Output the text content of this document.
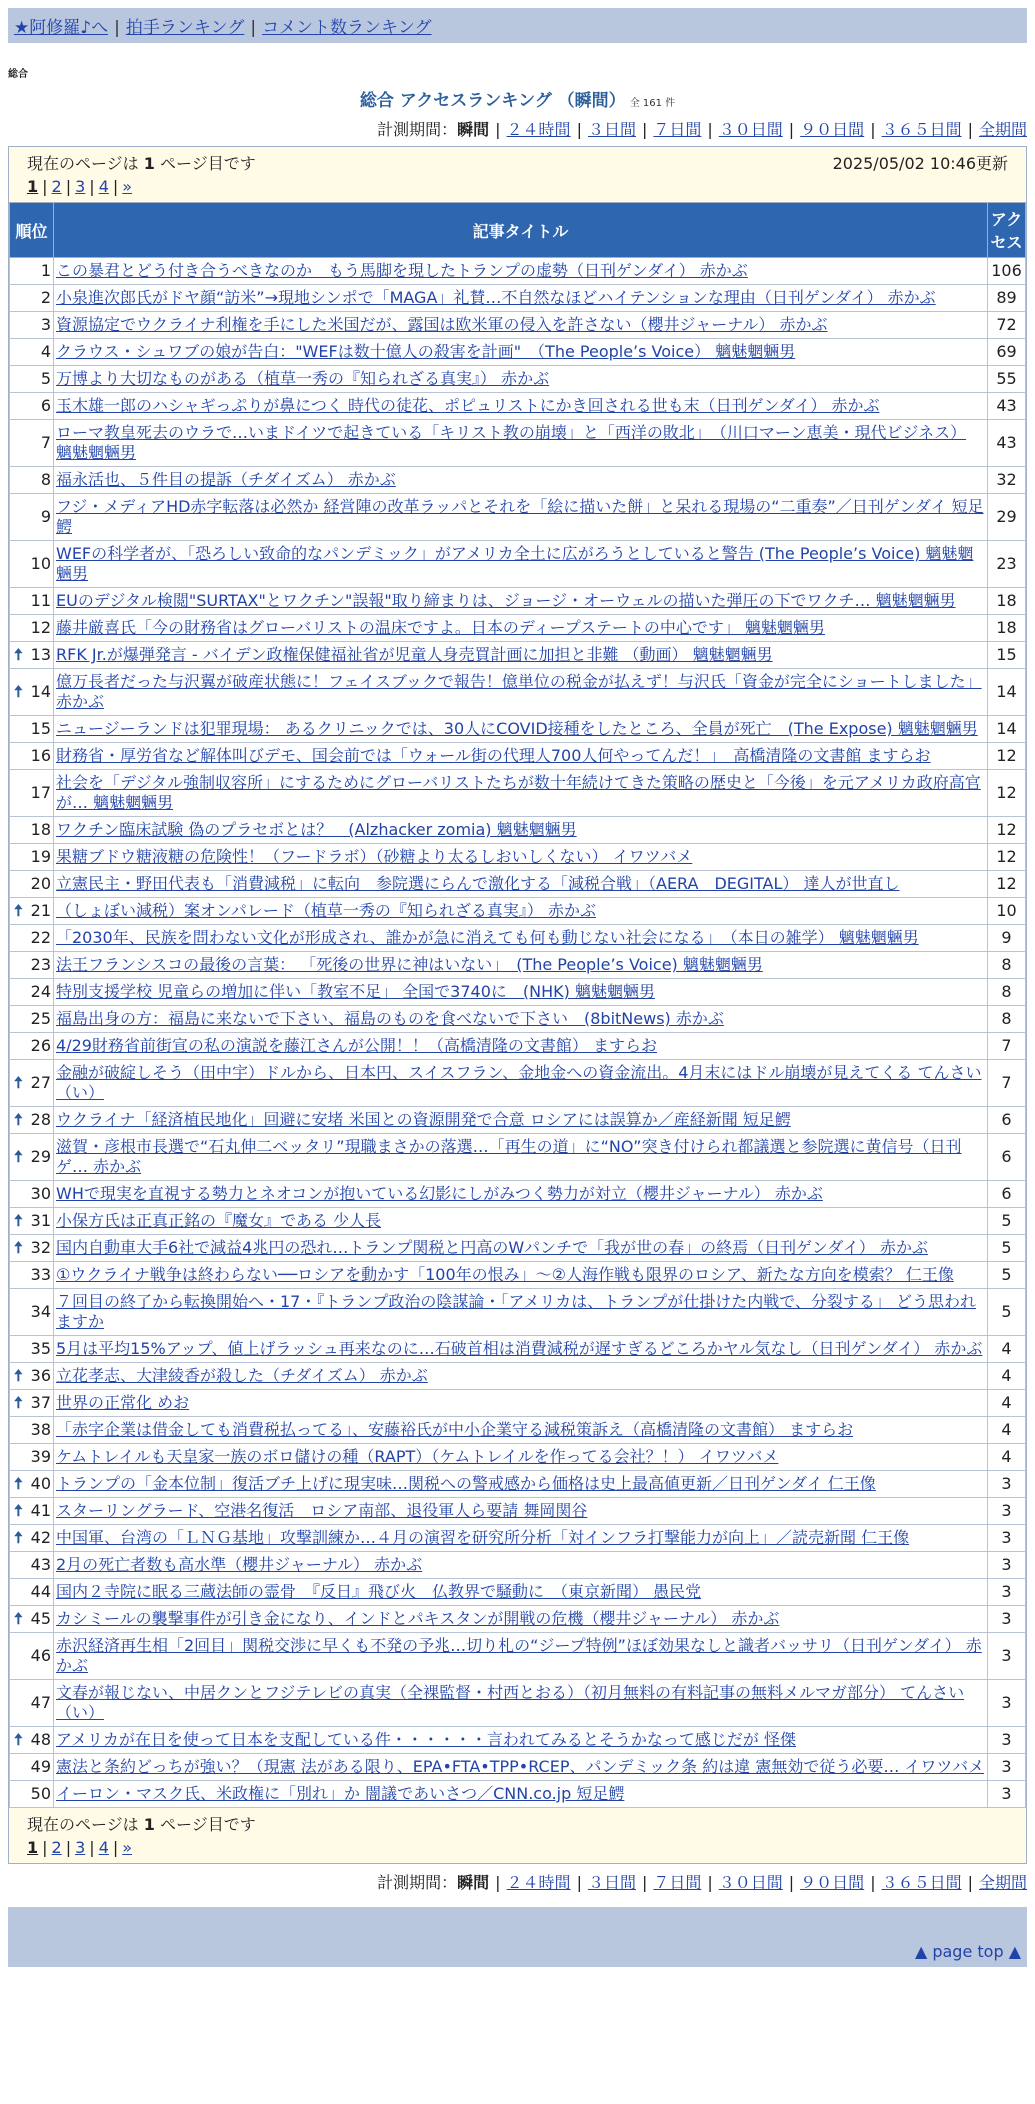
★阿修羅♪へ | 拍手ランキング | コメント数ランキング
総合
総合 アクセスランキング （瞬間） 全 161 件
計測期間：瞬間 | ２４時間 | ３日間 | ７日間 | ３０日間 | ９０日間 | ３６５日間 | 全期間
現在のページは 1 ページ目です	2025/05/02 10:46更新
1 | 2 | 3 | 4 | »
順位	記事タイトル	アクセス
1	この暴君とどう付き合うべきなのか　もう馬脚を現したトランプの虚勢（日刊ゲンダイ） 赤かぶ	106
2	小泉進次郎氏がドヤ顔“訪米”→現地シンポで「MAGA」礼賛…不自然なほどハイテンションな理由（日刊ゲンダイ） 赤かぶ	89
3	資源協定でウクライナ利権を手にした米国だが、露国は欧米軍の侵入を許さない（櫻井ジャーナル） 赤かぶ	72
4	クラウス・シュワブの娘が告白："WEFは数十億人の殺害を計画"　（The People’s Voice） 魑魅魍魎男	69
5	万博より大切なものがある（植草一秀の『知られざる真実』） 赤かぶ	55
6	玉木雄一郎のハシャギっぷりが鼻につく 時代の徒花、ポピュリストにかき回される世も末（日刊ゲンダイ） 赤かぶ	43
7	ローマ教皇死去のウラで…いまドイツで起きている「キリスト教の崩壊」と「西洋の敗北」　（川口マーン恵美・現代ビジネス） 魑魅魍魎男	43
8	福永活也、５件目の提訴（チダイズム） 赤かぶ	32
9	フジ・メディアHD赤字転落は必然か 経営陣の改革ラッパとそれを「絵に描いた餅」と呆れる現場の“二重奏”／日刊ゲンダイ 短足鰐	29
10	WEFの科学者が、「恐ろしい致命的なパンデミック」がアメリカ全土に広がろうとしていると警告 (The People’s Voice) 魑魅魍魎男	23
11	EUのデジタル検閲"SURTAX"とワクチン"誤報"取り締まりは、ジョージ・オーウェルの描いた弾圧の下でワクチ… 魑魅魍魎男	18
12	藤井厳喜氏「今の財務省はグローバリストの温床ですよ。日本のディープステートの中心です」 魑魅魍魎男	18

🠅 13	RFK Jr.が爆弾発言 - バイデン政権保健福祉省が児童人身売買計画に加担と非難 （動画） 魑魅魍魎男	15

🠅 14	億万長者だった与沢翼が破産状態に！フェイスブックで報告！億単位の税金が払えず！与沢氏「資金が完全にショートしました」 赤かぶ	14
15	ニュージーランドは犯罪現場： あるクリニックでは、30人にCOVID接種をしたところ、全員が死亡　(The Expose) 魑魅魍魎男	14
16	財務省・厚労省など解体叫びデモ、国会前では「ウォール街の代理人700人何やってんだ！」　高橋清隆の文書館 ますらお	12
17	社会を「デジタル強制収容所」にするためにグローバリストたちが数十年続けてきた策略の歴史と「今後」を元アメリカ政府高官が… 魑魅魍魎男	12
18	ワクチン臨床試験 偽のプラセボとは？　(Alzhacker zomia) 魑魅魍魎男	12
19	果糖ブドウ糖液糖の危険性！（フードラボ）（砂糖より太るしおいしくない） イワツバメ	12
20	立憲民主・野田代表も「消費減税」に転向　参院選にらんで激化する「減税合戦」（AERA　DEGITAL） 達人が世直し	12

🠅 21	（しょぼい減税）案オンパレード（植草一秀の『知られざる真実』） 赤かぶ	10
22	「2030年、民族を問わない文化が形成され、誰かが急に消えても何も動じない社会になる」　（本日の雑学） 魑魅魍魎男	9
23	法王フランシスコの最後の言葉： 「死後の世界に神はいない」　(The People’s Voice) 魑魅魍魎男	8
24	特別支援学校 児童らの増加に伴い「教室不足」 全国で3740に　(NHK) 魑魅魍魎男	8
25	福島出身の方：福島に来ないで下さい、福島のものを食べないで下さい　(8bitNews) 赤かぶ	8
26	4/29財務省前街宣の私の演説を藤江さんが公開！！（高橋清隆の文書館） ますらお	7

🠅 27	金融が破綻しそう（田中宇）ドルから、日本円、スイスフラン、金地金への資金流出。4月末にはドル崩壊が見えてくる てんさい（い）	7

🠅 28	ウクライナ「経済植民地化」回避に安堵 米国との資源開発で合意 ロシアには誤算か／産経新聞 短足鰐	6

🠅 29	滋賀・彦根市長選で“石丸伸二ベッタリ”現職まさかの落選…「再生の道」に“NO”突き付けられ都議選と参院選に黄信号（日刊ゲ… 赤かぶ	6
30	WHで現実を直視する勢力とネオコンが抱いている幻影にしがみつく勢力が対立（櫻井ジャーナル） 赤かぶ	6

🠅 31	小保方氏は正真正銘の『魔女』である 少人長	5

🠅 32	国内自動車大手6社で減益4兆円の恐れ…トランプ関税と円高のWパンチで「我が世の春」の終焉（日刊ゲンダイ） 赤かぶ	5
33	①ウクライナ戦争は終わらない──ロシアを動かす「100年の恨み」～②人海作戦も限界のロシア、新たな方向を模索？ 仁王像	5
34	７回目の終了から転換開始へ・17・『トランプ政治の陰謀論・「アメリカは、トランプが仕掛けた内戦で、分裂する」 どう思われますか	5
35	5月は平均15%アップ、値上げラッシュ再来なのに…石破首相は消費減税が遅すぎるどころかヤル気なし（日刊ゲンダイ） 赤かぶ	4

🠅 36	立花孝志、大津綾香が殺した（チダイズム） 赤かぶ	4

🠅 37	世界の正常化 めお	4
38	「赤字企業は借金しても消費税払ってる」、安藤裕氏が中小企業守る減税策訴え（高橋清隆の文書館） ますらお	4
39	ケムトレイルも天皇家一族のボロ儲けの種（RAPT）（ケムトレイルを作ってる会社？！） イワツバメ	4

🠅 40	トランプの「金本位制」復活ブチ上げに現実味…関税への警戒感から価格は史上最高値更新／日刊ゲンダイ 仁王像	3

🠅 41	スターリングラード、空港名復活　ロシア南部、退役軍人ら要請 舞岡関谷	3

🠅 42	中国軍、台湾の「ＬＮＧ基地」攻撃訓練か…４月の演習を研究所分析「対インフラ打撃能力が向上」／読売新聞 仁王像	3
43	2月の死亡者数も高水準（櫻井ジャーナル） 赤かぶ	3
44	国内２寺院に眠る三蔵法師の霊骨　『反日』飛び火　仏教界で騒動に　（東京新聞） 愚民党	3

🠅 45	カシミールの襲撃事件が引き金になり、インドとパキスタンが開戦の危機（櫻井ジャーナル） 赤かぶ	3
46	赤沢経済再生相「2回目」関税交渉に早くも不発の予兆…切り札の“ジープ特例”ほぼ効果なしと識者バッサリ（日刊ゲンダイ） 赤かぶ	3
47	文春が報じない、中居クンとフジテレビの真実（全裸監督・村西とおる）（初月無料の有料記事の無料メルマガ部分） てんさい（い）	3

🠅 48	アメリカが在日を使って日本を支配している件・・・・・・言われてみるとそうかなって感じだが 怪傑	3
49	憲法と条約どっちが強い？（現憲 法がある限り、EPA•FTA•TPP•RCEP、パンデミック条 約は違 憲無効で従う必要… イワツバメ	3
50	イーロン・マスク氏、米政権に「別れ」か 闇議であいさつ／CNN.co.jp 短足鰐	3
現在のページは 1 ページ目です
1 | 2 | 3 | 4 | »
計測期間：瞬間 | ２４時間 | ３日間 | ７日間 | ３０日間 | ９０日間 | ３６５日間 | 全期間
▲ page top ▲
